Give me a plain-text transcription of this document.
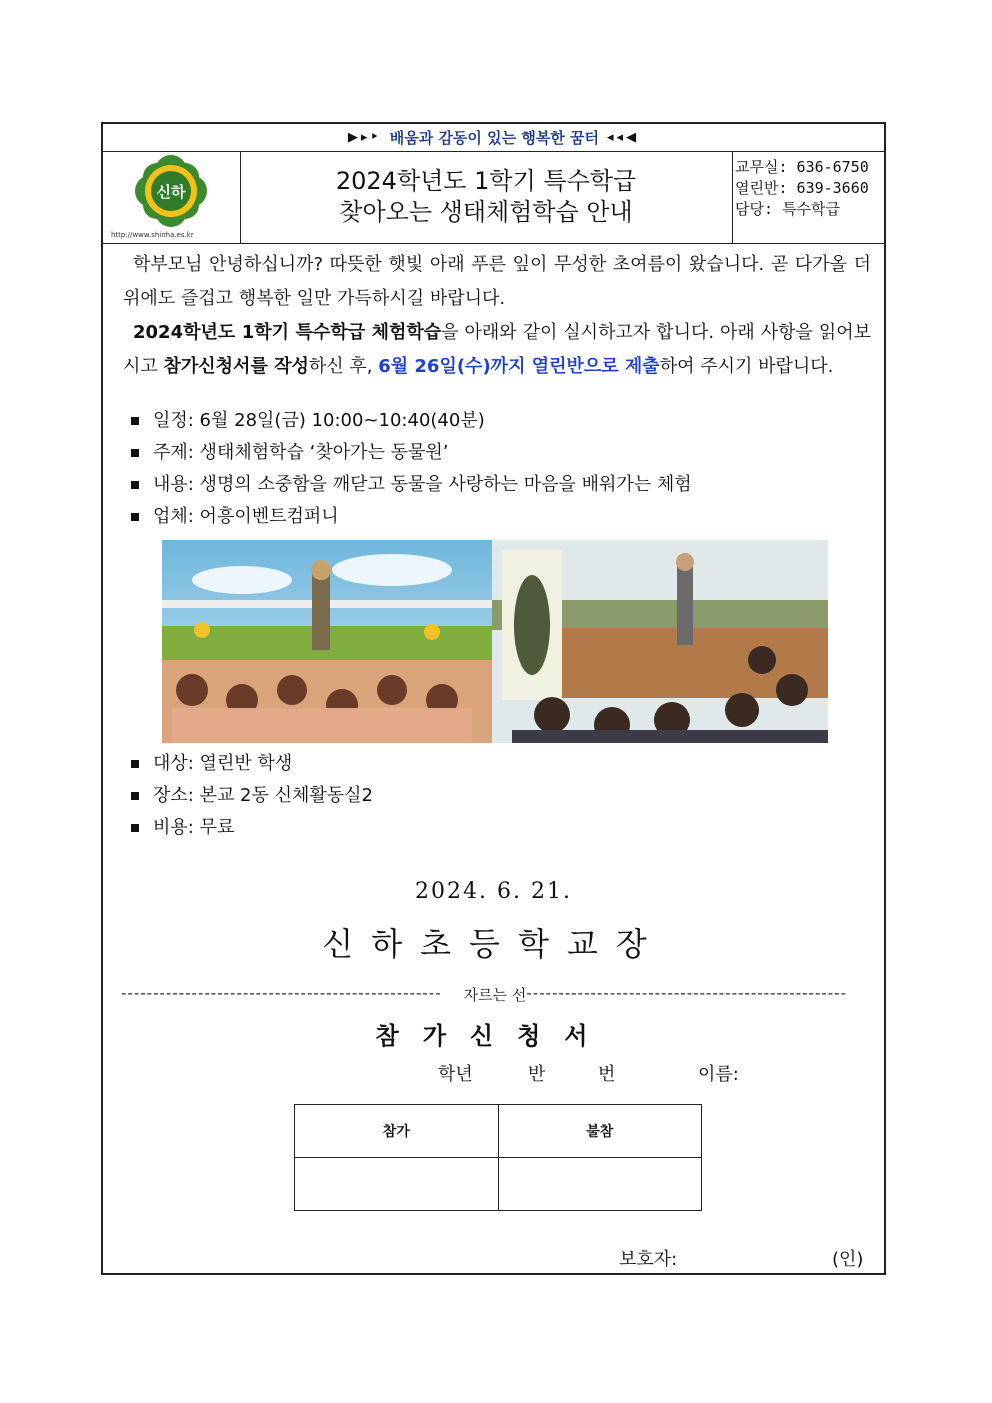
▶▸‣ 배움과 감동이 있는 행복한 꿈터 ◂◂◀
신하
http://www.shinha.es.kr
2024학년도 1학기 특수학급
찾아오는 생태체험학습 안내
교무실: 636-6750
열린반: 639-3660
담당: 특수학급

학부모님 안녕하십니까? 따뜻한 햇빛 아래 푸른 잎이 무성한 초여름이 왔습니다. 곧 다가올 더위에도 즐겁고 행복한 일만 가득하시길 바랍니다.

2024학년도 1학기 특수학급 체험학습을 아래와 같이 실시하고자 합니다. 아래 사항을 읽어보시고 참가신청서를 작성하신 후, 6월 26일(수)까지 열린반으로 제출하여 주시기 바랍니다.

일정: 6월 28일(금) 10:00~10:40(40분)
주제: 생태체험학습 ‘찾아가는 동물원’
내용: 생명의 소중함을 깨닫고 동물을 사랑하는 마음을 배워가는 체험
업체: 어흥이벤트컴퍼니
대상: 열린반 학생
장소: 본교 2동 신체활동실2
비용: 무료
2024. 6. 21.
신하초등학교장
--------------------------------------------------	자르는 선 --------------------------------------------------
참가신청서
학년	반	번	이름:
참가	불참

보호자:	(인)
